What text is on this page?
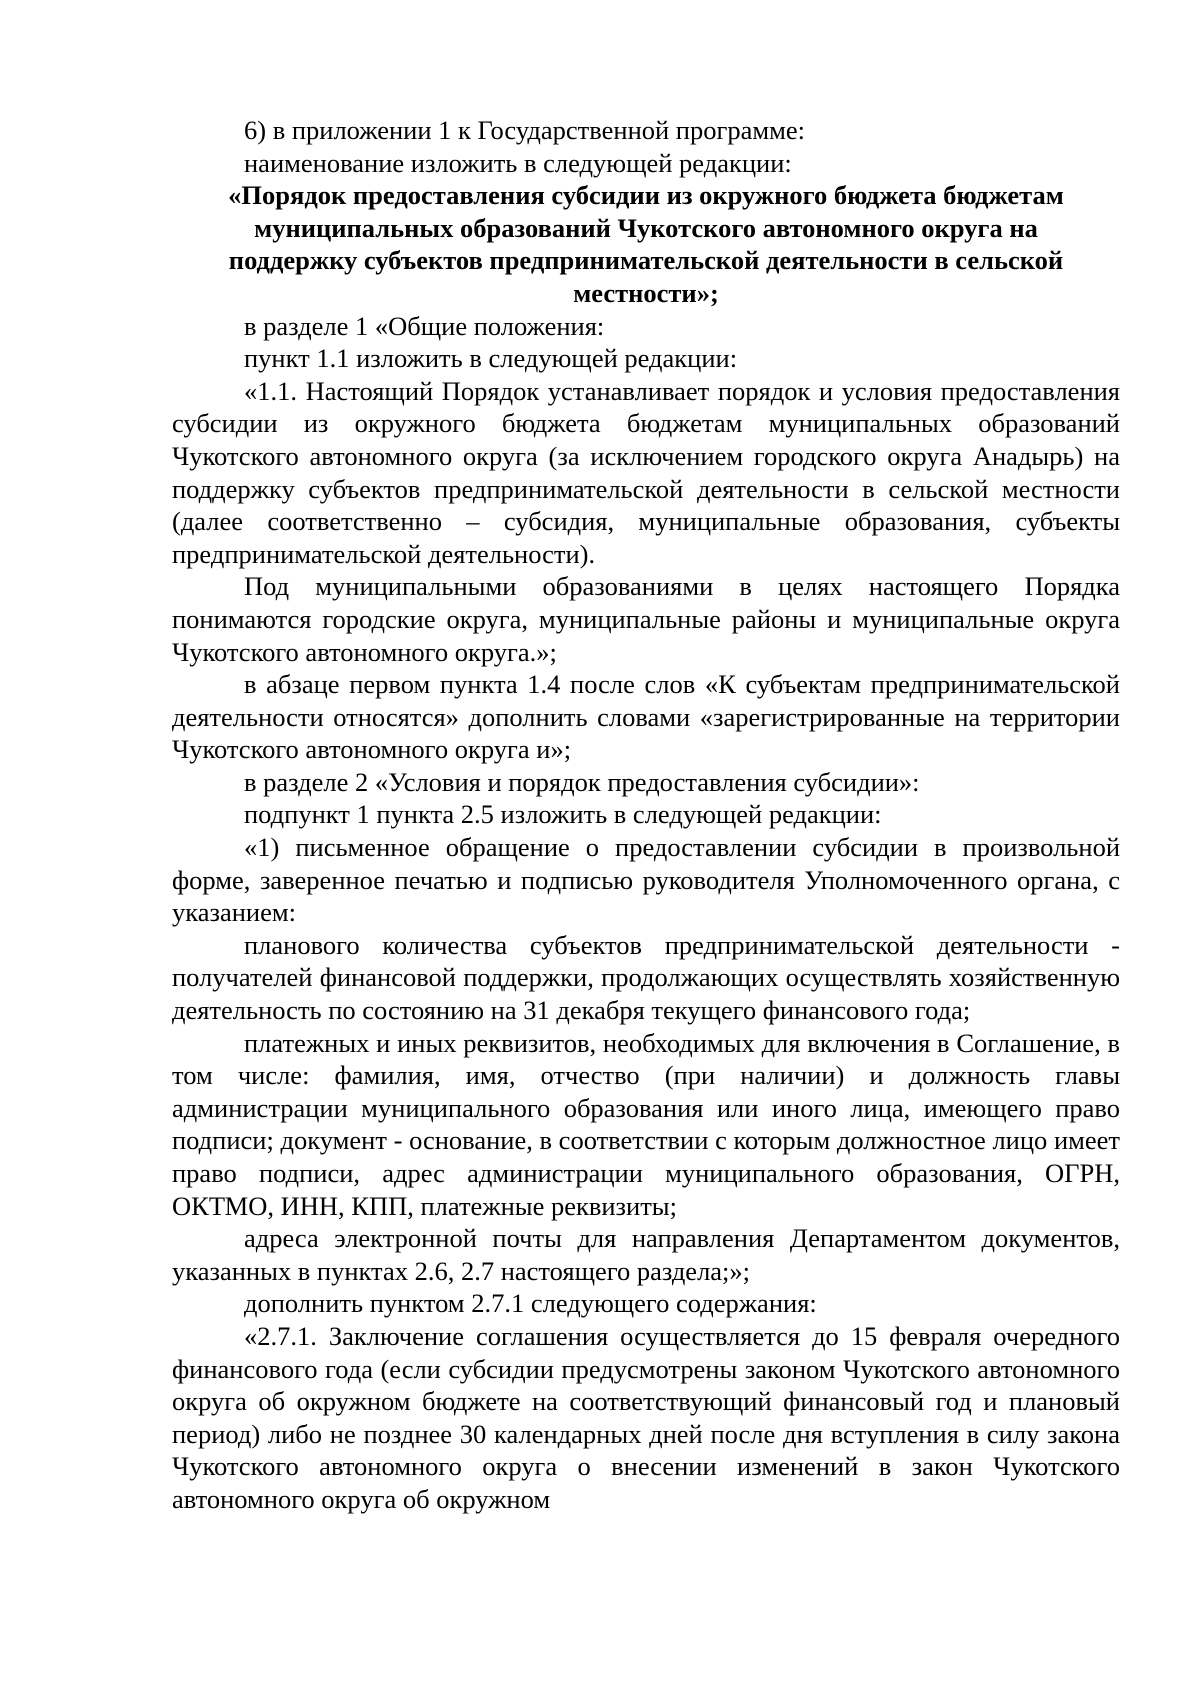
6) в приложении 1 к Государственной программе:

наименование изложить в следующей редакции:

«Порядок предоставления субсидии из окружного бюджета бюджетам муниципальных образований Чукотского автономного округа на поддержку субъектов предпринимательской деятельности в сельской местности»;

в разделе 1 «Общие положения:

пункт 1.1 изложить в следующей редакции:

«1.1. Настоящий Порядок устанавливает порядок и условия предоставления субсидии из окружного бюджета бюджетам муниципальных образований Чукотского автономного округа (за исключением городского округа Анадырь) на поддержку субъектов предпринимательской деятельности в сельской местности (далее соответственно – субсидия, муниципальные образования, субъекты предпринимательской деятельности).

Под муниципальными образованиями в целях настоящего Порядка понимаются городские округа, муниципальные районы и муниципальные округа Чукотского автономного округа.»;

в абзаце первом пункта 1.4 после слов «К субъектам предпринимательской деятельности относятся» дополнить словами «зарегистрированные на территории Чукотского автономного округа и»;

в разделе 2 «Условия и порядок предоставления субсидии»:

подпункт 1 пункта 2.5 изложить в следующей редакции:

«1) письменное обращение о предоставлении субсидии в произвольной форме, заверенное печатью и подписью руководителя Уполномоченного органа, с указанием:

планового количества субъектов предпринимательской деятельности - получателей финансовой поддержки, продолжающих осуществлять хозяйственную деятельность по состоянию на 31 декабря текущего финансового года;

платежных и иных реквизитов, необходимых для включения в Соглашение, в том числе: фамилия, имя, отчество (при наличии) и должность главы администрации муниципального образования или иного лица, имеющего право подписи; документ - основание, в соответствии с которым должностное лицо имеет право подписи, адрес администрации муниципального образования, ОГРН, ОКТМО, ИНН, КПП, платежные реквизиты;

адреса электронной почты для направления Департаментом документов, указанных в пунктах 2.6, 2.7 настоящего раздела;»;

дополнить пунктом 2.7.1 следующего содержания:

«2.7.1. Заключение соглашения осуществляется до 15 февраля очередного финансового года (если субсидии предусмотрены законом Чукотского автономного округа об окружном бюджете на соответствующий финансовый год и плановый период) либо не позднее 30 календарных дней после дня вступления в силу закона Чукотского автономного округа о внесении изменений в закон Чукотского автономного округа об окружном
